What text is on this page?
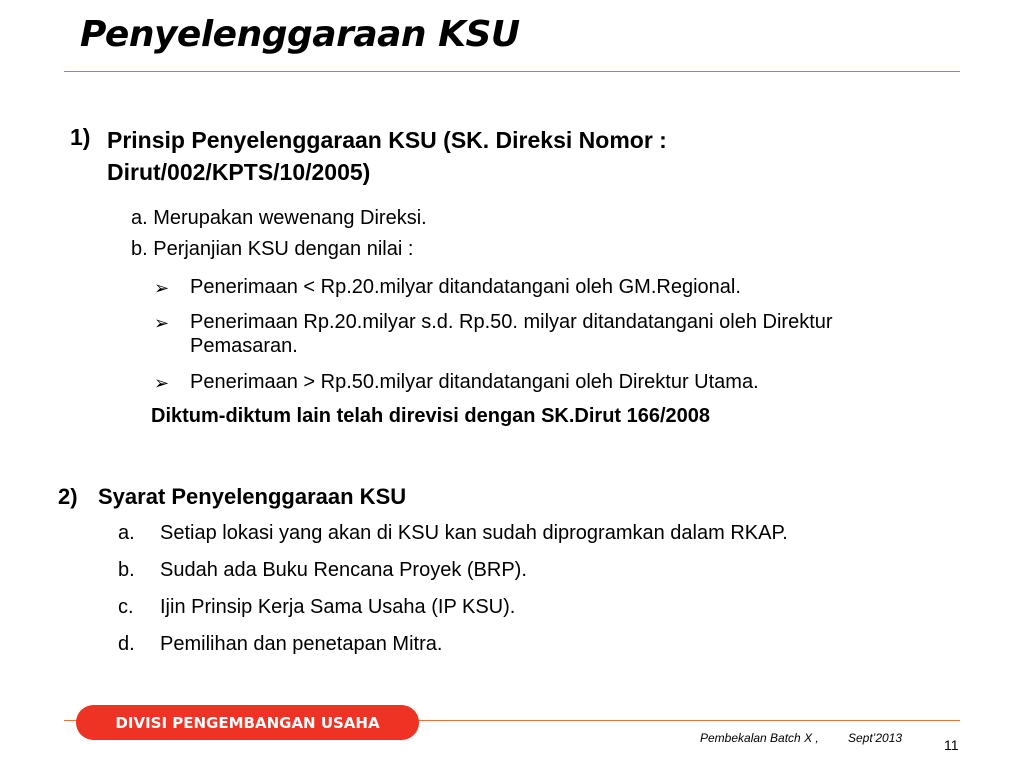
Penyelenggaraan KSU
1) Prinsip Penyelenggaraan KSU (SK. Direksi Nomor : Dirut/002/KPTS/10/2005)
a. Merupakan wewenang Direksi.
b. Perjanjian KSU dengan nilai :
➢ Penerimaan < Rp.20.milyar ditandatangani oleh GM.Regional.
➢ Penerimaan Rp.20.milyar s.d. Rp.50. milyar ditandatangani oleh Direktur Pemasaran.
➢ Penerimaan > Rp.50.milyar ditandatangani oleh Direktur Utama.
Diktum-diktum lain telah direvisi dengan SK.Dirut 166/2008
2) Syarat Penyelenggaraan KSU
a. Setiap lokasi yang akan di KSU kan sudah diprogramkan dalam RKAP.
b. Sudah ada Buku Rencana Proyek (BRP).
c. Ijin Prinsip Kerja Sama Usaha (IP KSU).
d. Pemilihan dan penetapan Mitra.
DIVISI PENGEMBANGAN USAHA
Pembekalan Batch X , Sept’2013	11
